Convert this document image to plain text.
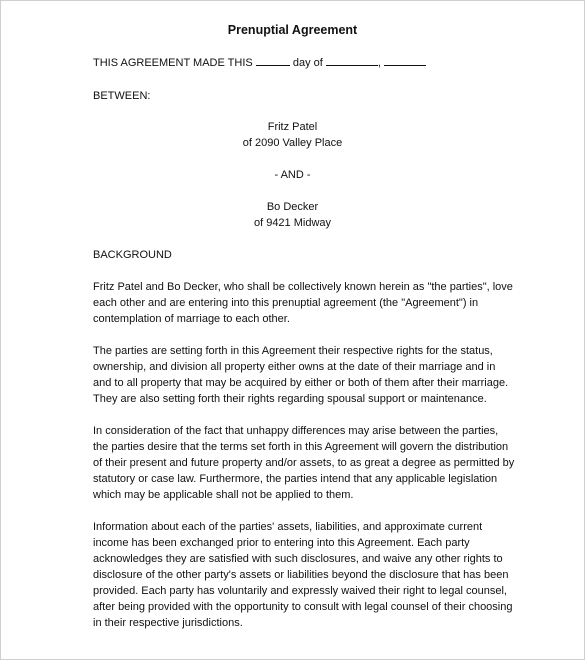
Prenuptial Agreement
THIS AGREEMENT MADE THIS	day of	,
BETWEEN:
Fritz Patel
of 2090 Valley Place
- AND -
Bo Decker
of 9421 Midway
BACKGROUND
Fritz Patel and Bo Decker, who shall be collectively known herein as "the parties", love
each other and are entering into this prenuptial agreement (the "Agreement") in
contemplation of marriage to each other.
The parties are setting forth in this Agreement their respective rights for the status,
ownership, and division all property either owns at the date of their marriage and in
and to all property that may be acquired by either or both of them after their marriage.
They are also setting forth their rights regarding spousal support or maintenance.
In consideration of the fact that unhappy differences may arise between the parties,
the parties desire that the terms set forth in this Agreement will govern the distribution
of their present and future property and/or assets, to as great a degree as permitted by
statutory or case law. Furthermore, the parties intend that any applicable legislation
which may be applicable shall not be applied to them.
Information about each of the parties' assets, liabilities, and approximate current
income has been exchanged prior to entering into this Agreement. Each party
acknowledges they are satisfied with such disclosures, and waive any other rights to
disclosure of the other party's assets or liabilities beyond the disclosure that has been
provided. Each party has voluntarily and expressly waived their right to legal counsel,
after being provided with the opportunity to consult with legal counsel of their choosing
in their respective jurisdictions.
